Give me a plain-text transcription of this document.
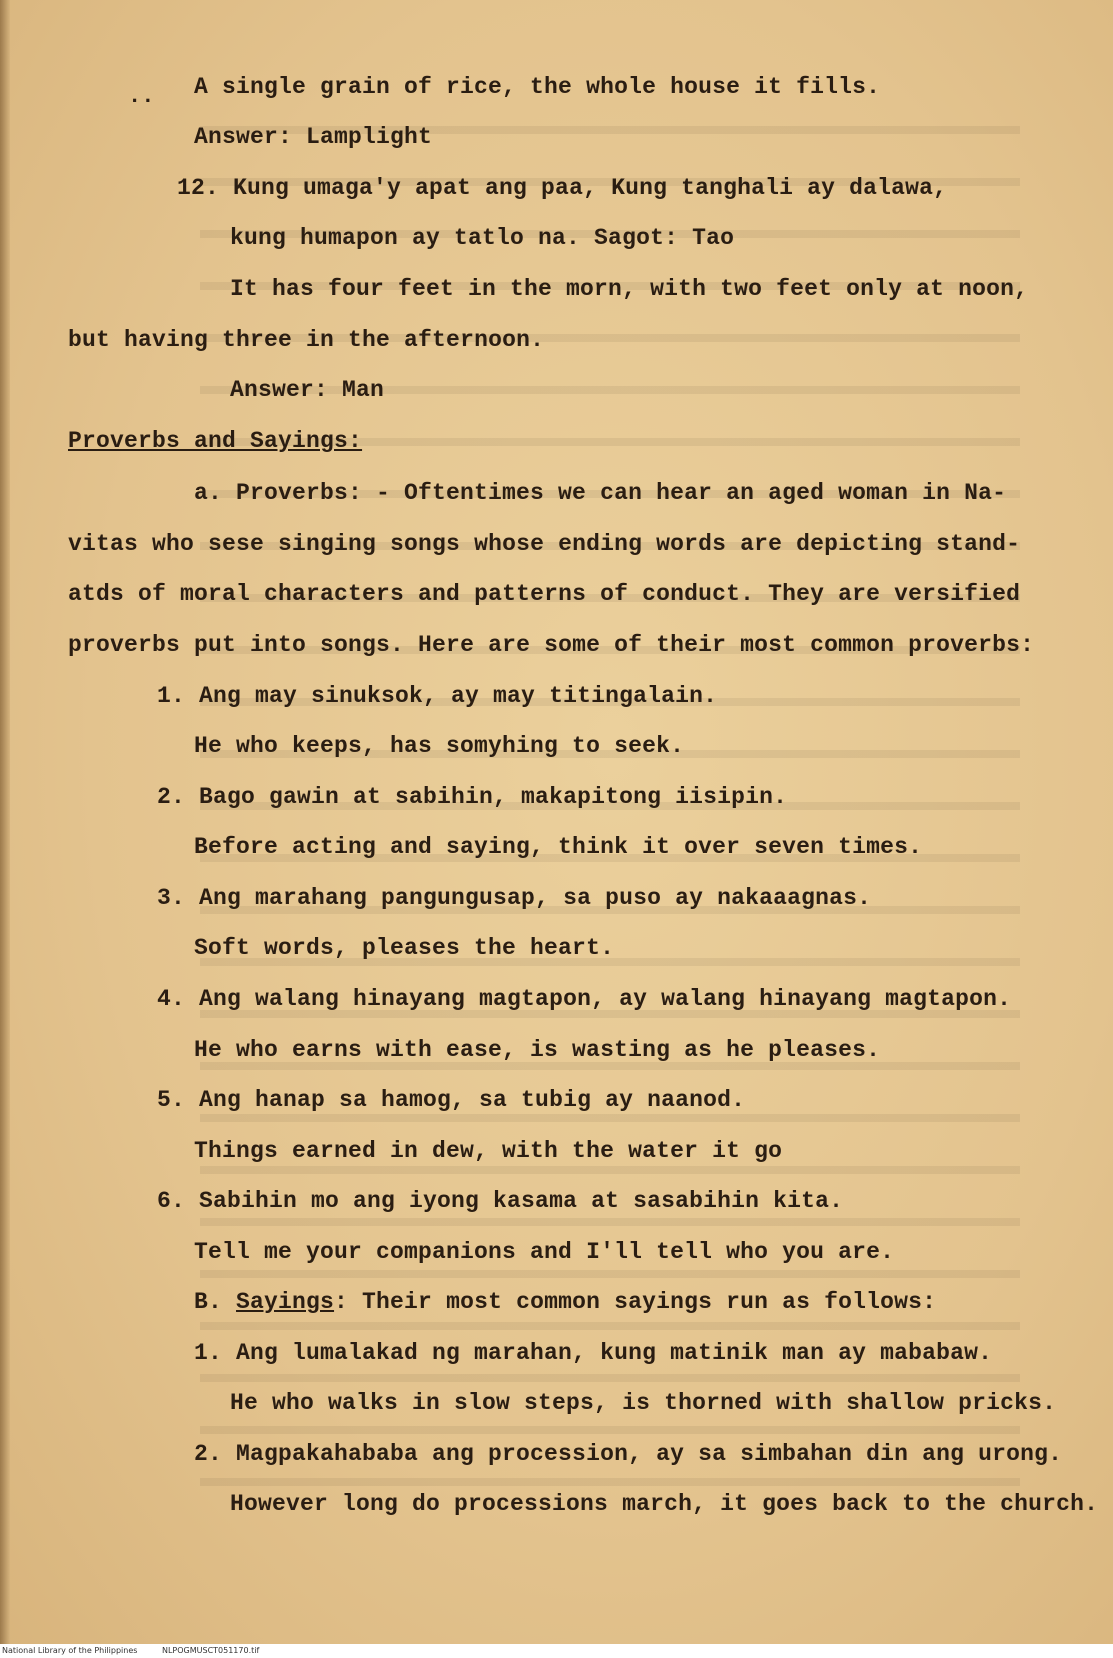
.. A single grain of rice, the whole house it fills.
Answer: Lamplight
12. Kung umaga'y apat ang paa, Kung tanghali ay dalawa,
kung humapon ay tatlo na. Sagot: Tao
It has four feet in the morn, with two feet only at noon,
but having three in the afternoon.
Answer: Man
Proverbs and Sayings:
a. Proverbs: - Oftentimes we can hear an aged woman in Na-
vitas who sese singing songs whose ending words are depicting stand-
atds of moral characters and patterns of conduct. They are versified
proverbs put into songs. Here are some of their most common proverbs:
1. Ang may sinuksok, ay may titingalain.
He who keeps, has somyhing to seek.
2. Bago gawin at sabihin, makapitong iisipin.
Before acting and saying, think it over seven times.
3. Ang marahang pangungusap, sa puso ay nakaaagnas.
Soft words, pleases the heart.
4. Ang walang hinayang magtapon, ay walang hinayang magtapon.
He who earns with ease, is wasting as he pleases.
5. Ang hanap sa hamog, sa tubig ay naanod.
Things earned in dew, with the water it go
6. Sabihin mo ang iyong kasama at sasabihin kita.
Tell me your companions and I'll tell who you are.
B. Sayings: Their most common sayings run as follows:
1. Ang lumalakad ng marahan, kung matinik man ay mababaw.
He who walks in slow steps, is thorned with shallow pricks.
2. Magpakahababa ang procession, ay sa simbahan din ang urong.
However long do processions march, it goes back to the church.
National Library of the Philippines	NLPOGMUSCT051170.tif
